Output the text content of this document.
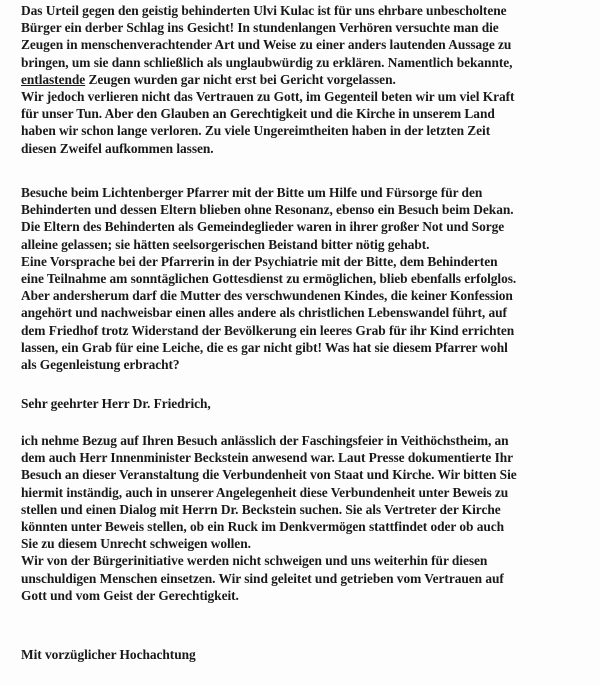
Das Urteil gegen den geistig behinderten Ulvi Kulac ist für uns ehrbare unbescholtene
Bürger ein derber Schlag ins Gesicht! In stundenlangen Verhören versuchte man die
Zeugen in menschenverachtender Art und Weise zu einer anders lautenden Aussage zu
bringen, um sie dann schließlich als unglaubwürdig zu erklären. Namentlich bekannte,
entlastende Zeugen wurden gar nicht erst bei Gericht vorgelassen.
Wir jedoch verlieren nicht das Vertrauen zu Gott, im Gegenteil beten wir um viel Kraft
für unser Tun. Aber den Glauben an Gerechtigkeit und die Kirche in unserem Land
haben wir schon lange verloren. Zu viele Ungereimtheiten haben in der letzten Zeit
diesen Zweifel aufkommen lassen.
Besuche beim Lichtenberger Pfarrer mit der Bitte um Hilfe und Fürsorge für den
Behinderten und dessen Eltern blieben ohne Resonanz, ebenso ein Besuch beim Dekan.
Die Eltern des Behinderten als Gemeindeglieder waren in ihrer großer Not und Sorge
alleine gelassen; sie hätten seelsorgerischen Beistand bitter nötig gehabt.
Eine Vorsprache bei der Pfarrerin in der Psychiatrie mit der Bitte, dem Behinderten
eine Teilnahme am sonntäglichen Gottesdienst zu ermöglichen, blieb ebenfalls erfolglos.
Aber andersherum darf die Mutter des verschwundenen Kindes, die keiner Konfession
angehört und nachweisbar einen alles andere als christlichen Lebenswandel führt, auf
dem Friedhof trotz Widerstand der Bevölkerung ein leeres Grab für ihr Kind errichten
lassen, ein Grab für eine Leiche, die es gar nicht gibt! Was hat sie diesem Pfarrer wohl
als Gegenleistung erbracht?
Sehr geehrter Herr Dr. Friedrich,
ich nehme Bezug auf Ihren Besuch anlässlich der Faschingsfeier in Veithöchstheim, an
dem auch Herr Innenminister Beckstein anwesend war. Laut Presse dokumentierte Ihr
Besuch an dieser Veranstaltung die Verbundenheit von Staat und Kirche. Wir bitten Sie
hiermit inständig, auch in unserer Angelegenheit diese Verbundenheit unter Beweis zu
stellen und einen Dialog mit Herrn Dr. Beckstein suchen. Sie als Vertreter der Kirche
könnten unter Beweis stellen, ob ein Ruck im Denkvermögen stattfindet oder ob auch
Sie zu diesem Unrecht schweigen wollen.
Wir von der Bürgerinitiative werden nicht schweigen und uns weiterhin für diesen
unschuldigen Menschen einsetzen. Wir sind geleitet und getrieben vom Vertrauen auf
Gott und vom Geist der Gerechtigkeit.
Mit vorzüglicher Hochachtung
